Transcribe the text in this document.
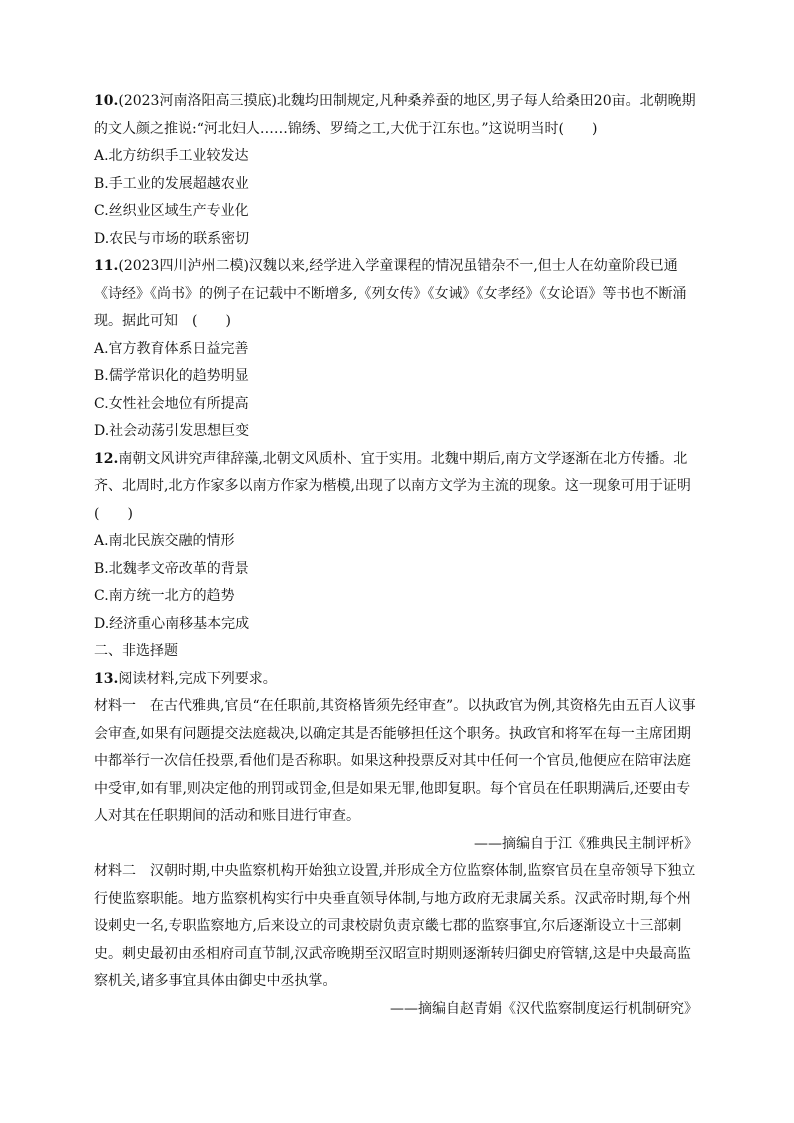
10.(2023河南洛阳高三摸底)北魏均田制规定,凡种桑养蚕的地区,男子每人给桑田20亩。北朝晚期的文人颜之推说:“河北妇人……锦绣、罗绮之工,大优于江东也。”这说明当时(　　)

A.北方纺织手工业较发达

B.手工业的发展超越农业

C.丝织业区域生产专业化

D.农民与市场的联系密切

11.(2023四川泸州二模)汉魏以来,经学进入学童课程的情况虽错杂不一,但士人在幼童阶段已通《诗经》《尚书》的例子在记载中不断增多,《列女传》《女诫》《女孝经》《女论语》等书也不断涌现。据此可知　(　　)

A.官方教育体系日益完善

B.儒学常识化的趋势明显

C.女性社会地位有所提高

D.社会动荡引发思想巨变

12.南朝文风讲究声律辞藻,北朝文风质朴、宜于实用。北魏中期后,南方文学逐渐在北方传播。北齐、北周时,北方作家多以南方作家为楷模,出现了以南方文学为主流的现象。这一现象可用于证明　　　　　　　(　　)

A.南北民族交融的情形

B.北魏孝文帝改革的背景

C.南方统一北方的趋势

D.经济重心南移基本完成

二、非选择题

13.阅读材料,完成下列要求。

材料一　在古代雅典,官员“在任职前,其资格皆须先经审查”。以执政官为例,其资格先由五百人议事会审查,如果有问题提交法庭裁决,以确定其是否能够担任这个职务。执政官和将军在每一主席团期中都举行一次信任投票,看他们是否称职。如果这种投票反对其中任何一个官员,他便应在陪审法庭中受审,如有罪,则决定他的刑罚或罚金,但是如果无罪,他即复职。每个官员在任职期满后,还要由专人对其在任职期间的活动和账目进行审查。

——摘编自于江《雅典民主制评析》

材料二　汉朝时期,中央监察机构开始独立设置,并形成全方位监察体制,监察官员在皇帝领导下独立行使监察职能。地方监察机构实行中央垂直领导体制,与地方政府无隶属关系。汉武帝时期,每个州设刺史一名,专职监察地方,后来设立的司隶校尉负责京畿七郡的监察事宜,尔后逐渐设立十三部刺史。刺史最初由丞相府司直节制,汉武帝晚期至汉昭宣时期则逐渐转归御史府管辖,这是中央最高监察机关,诸多事宜具体由御史中丞执掌。

——摘编自赵青娟《汉代监察制度运行机制研究》
